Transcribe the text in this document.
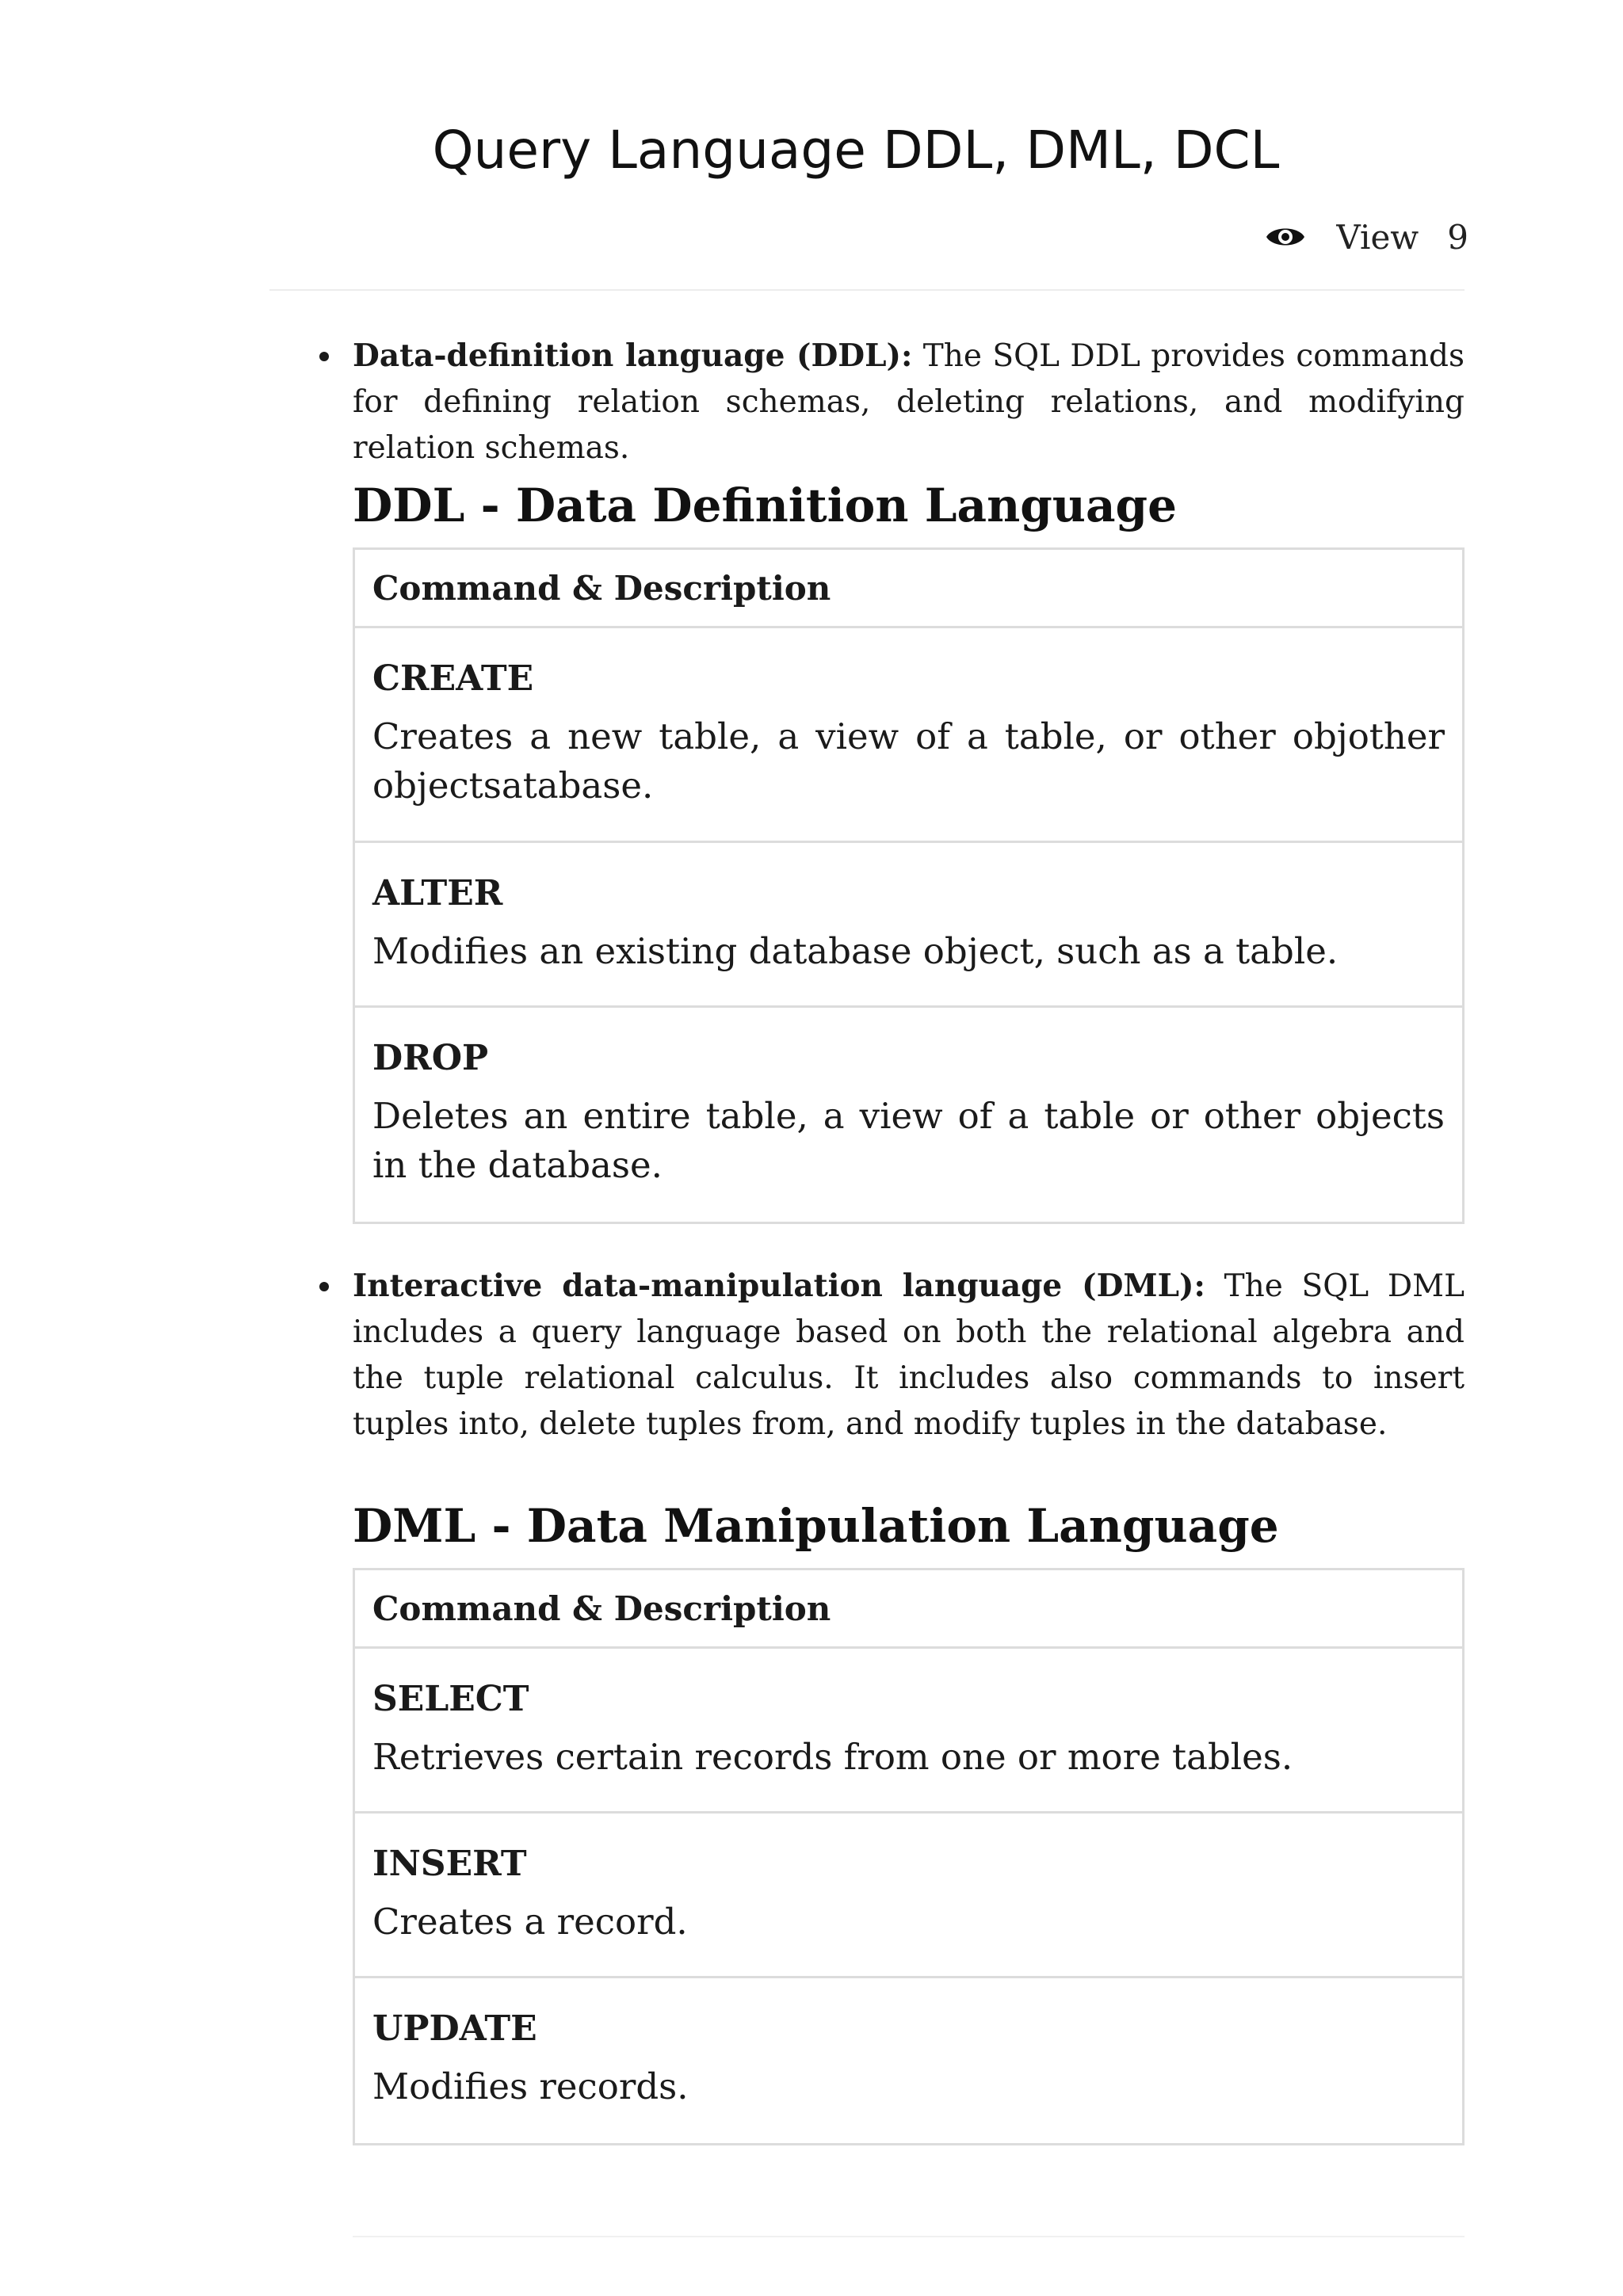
Query Language DDL, DML, DCL
View 9

Data-definition language (DDL): The SQL DDL provides commands for defining relation schemas, deleting relations, and modifying relation schemas.

DDL - Data Definition Language
Command & Description

CREATE

Creates a new table, a view of a table, or other objother objectsatabase.

ALTER

Modifies an existing database object, such as a table.

DROP

Deletes an entire table, a view of a table or other objects in the database.

Interactive data-manipulation language (DML): The SQL DML includes a query language based on both the relational algebra and the tuple relational calculus. It includes also commands to insert tuples into, delete tuples from, and modify tuples in the database.

DML - Data Manipulation Language
Command & Description

SELECT

Retrieves certain records from one or more tables.

INSERT

Creates a record.

UPDATE

Modifies records.
